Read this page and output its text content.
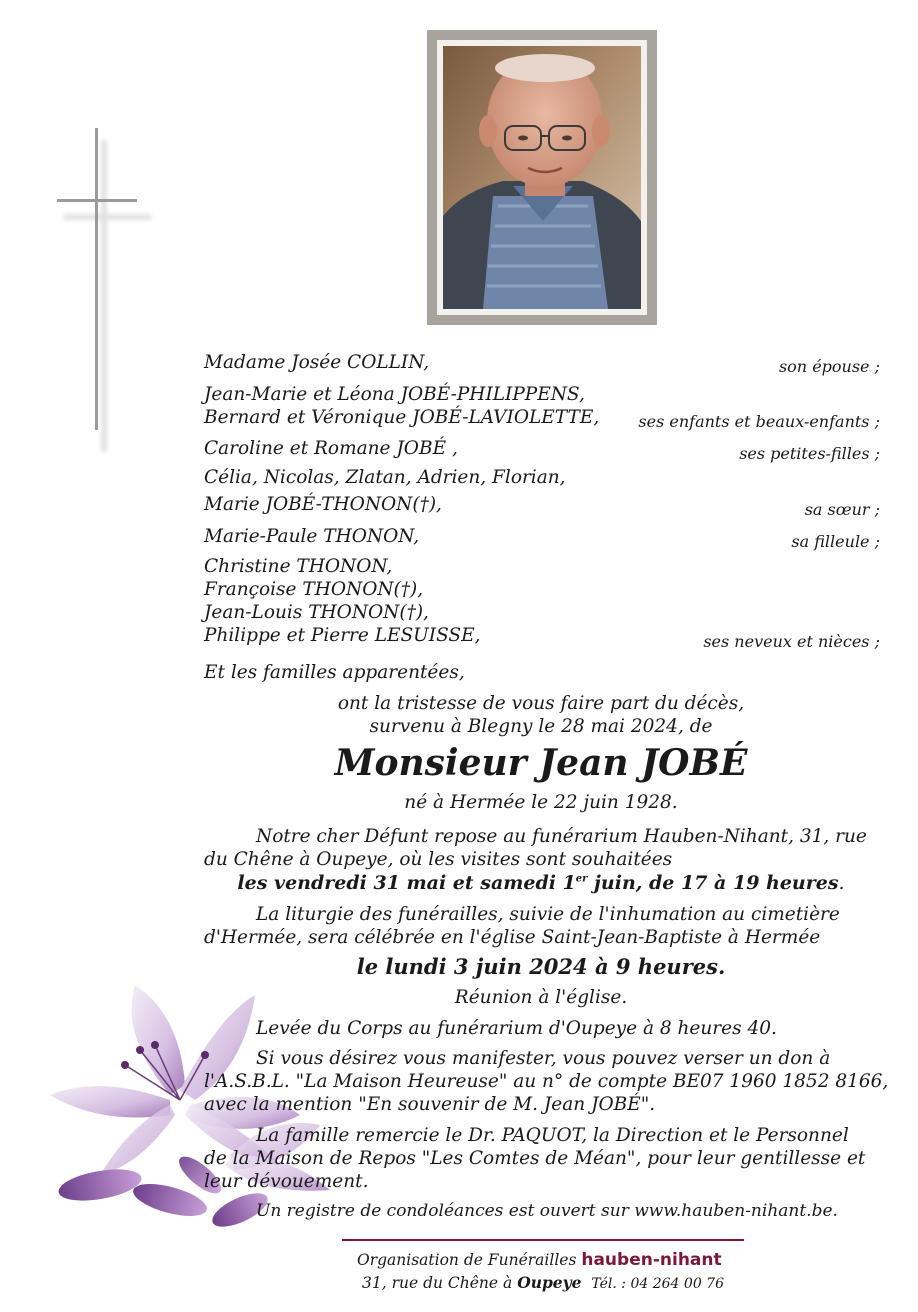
Madame Josée COLLIN,	son épouse ;
Jean-Marie et Léona JOBÉ-PHILIPPENS,
Bernard et Véronique JOBÉ-LAVIOLETTE, ses enfants et beaux-enfants ;
Caroline et Romane JOBÉ ,	ses petites-filles ;
Célia, Nicolas, Zlatan, Adrien, Florian,
Marie JOBÉ-THONON(†),	sa sœur ;
Marie-Paule THONON,	sa filleule ;
Christine THONON,
Françoise THONON(†),
Jean-Louis THONON(†),
Philippe et Pierre LESUISSE,	ses neveux et nièces ;
Et les familles apparentées,
ont la tristesse de vous faire part du décès,
survenu à Blegny le 28 mai 2024, de
Monsieur Jean JOBÉ
né à Hermée le 22 juin 1928.
Notre cher Défunt repose au funérarium Hauben-Nihant, 31, rue
du Chêne à Oupeye, où les visites sont souhaitées
les vendredi 31 mai et samedi 1er juin, de 17 à 19 heures.
La liturgie des funérailles, suivie de l'inhumation au cimetière
d'Hermée, sera célébrée en l'église Saint-Jean-Baptiste à Hermée
le lundi 3 juin 2024 à 9 heures.
Réunion à l'église.
Levée du Corps au funérarium d'Oupeye à 8 heures 40.
Si vous désirez vous manifester, vous pouvez verser un don à
l'A.S.B.L. "La Maison Heureuse" au n° de compte BE07 1960 1852 8166,
avec la mention "En souvenir de M. Jean JOBÉ".
La famille remercie le Dr. PAQUOT, la Direction et le Personnel
de la Maison de Repos "Les Comtes de Méan", pour leur gentillesse et
leur dévouement.
Un registre de condoléances est ouvert sur www.hauben-nihant.be.
Organisation de Funérailles hauben-nihant
31, rue du Chêne à Oupeye Tél. : 04 264 00 76
